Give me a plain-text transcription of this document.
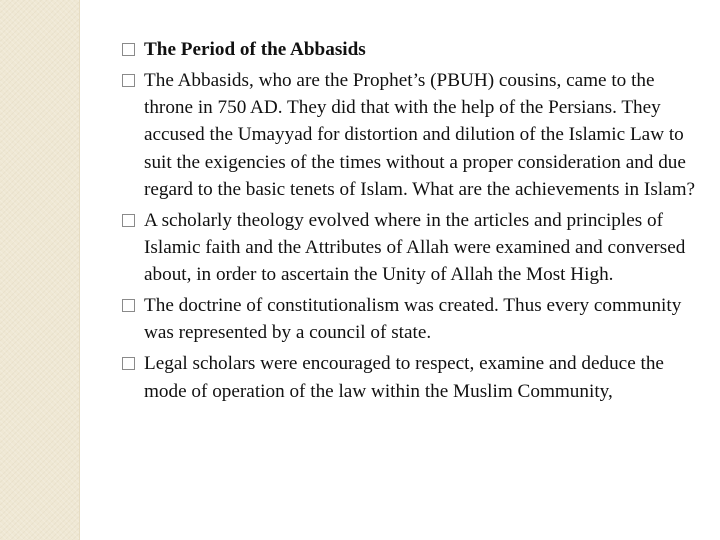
The Period of the Abbasids
The Abbasids, who are the Prophet’s (PBUH) cousins, came to the throne in 750 AD. They did that with the help of the Persians. They accused the Umayyad for distortion and dilution of the Islamic Law to suit the exigencies of the times without a proper consideration and due regard to the basic tenets of Islam. What are the achievements in Islam?
A scholarly theology evolved where in the articles and principles of Islamic faith and the Attributes of Allah were examined and conversed about, in order to ascertain the Unity of Allah the Most High.
The doctrine of constitutionalism was created. Thus every community was represented by a council of state.
Legal scholars were encouraged to respect, examine and deduce the mode of operation of the law within the Muslim Community,
